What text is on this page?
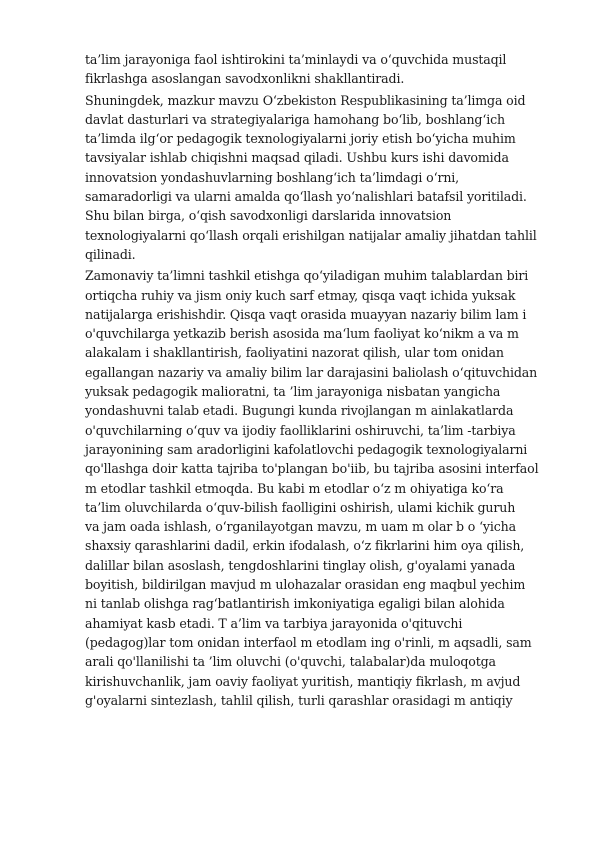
ta’lim jarayoniga faol ishtirokini ta’minlaydi va o‘quvchida mustaqil
fikrlashga asoslangan savodxonlikni shakllantiradi.

Shuningdek, mazkur mavzu O‘zbekiston Respublikasining ta’limga oid
davlat dasturlari va strategiyalariga hamohang bo‘lib, boshlang‘ich
ta’limda ilg‘or pedagogik texnologiyalarni joriy etish bo‘yicha muhim
tavsiyalar ishlab chiqishni maqsad qiladi. Ushbu kurs ishi davomida
innovatsion yondashuvlarning boshlang‘ich ta’limdagi o‘rni,
samaradorligi va ularni amalda qo‘llash yo‘nalishlari batafsil yoritiladi.
Shu bilan birga, o‘qish savodxonligi darslarida innovatsion
texnologiyalarni qo‘llash orqali erishilgan natijalar amaliy jihatdan tahlil
qilinadi.

Zamonaviy ta’limni tashkil etishga qo‘yiladigan muhim talablardan biri
ortiqcha ruhiy va jism oniy kuch sarf etmay, qisqa vaqt ichida yuksak
natijalarga erishishdir. Qisqa vaqt orasida muayyan nazariy bilim lam i
o'quvchilarga yetkazib berish asosida ma‘lum faoliyat ko‘nikm a va m
alakalam i shakllantirish, faoliyatini nazorat qilish, ular tom onidan
egallangan nazariy va amaliy bilim lar darajasini baliolash o‘qituvchidan
yuksak pedagogik malioratni, ta ’lim jarayoniga nisbatan yangicha
yondashuvni talab etadi. Bugungi kunda rivojlangan m ainlakatlarda
o'quvchilarning o‘quv va ijodiy faolliklarini oshiruvchi, ta’lim -tarbiya
jarayonining sam aradorligini kafolatlovchi pedagogik texnologiyalarni
qo'llashga doir katta tajriba to'plangan bo'iib, bu tajriba asosini interfaol
m etodlar tashkil etmoqda. Bu kabi m etodlar o‘z m ohiyatiga ko‘ra
ta’lim oluvchilarda o‘quv-bilish faolligini oshirish, ulami kichik guruh
va jam oada ishlash, o‘rganilayotgan mavzu, m uam m olar b o ‘yicha
shaxsiy qarashlarini dadil, erkin ifodalash, o‘z fikrlarini him oya qilish,
dalillar bilan asoslash, tengdoshlarini tinglay olish, g'oyalami yanada
boyitish, bildirilgan mavjud m ulohazalar orasidan eng maqbul yechim
ni tanlab olishga rag‘batlantirish imkoniyatiga egaligi bilan alohida
ahamiyat kasb etadi. T a’lim va tarbiya jarayonida o'qituvchi
(pedagog)lar tom onidan interfaol m etodlam ing o'rinli, m aqsadli, sam
arali qo'llanilishi ta ’lim oluvchi (o'quvchi, talabalar)da muloqotga
kirishuvchanlik, jam oaviy faoliyat yuritish, mantiqiy fikrlash, m avjud
g'oyalarni sintezlash, tahlil qilish, turli qarashlar orasidagi m antiqiy
